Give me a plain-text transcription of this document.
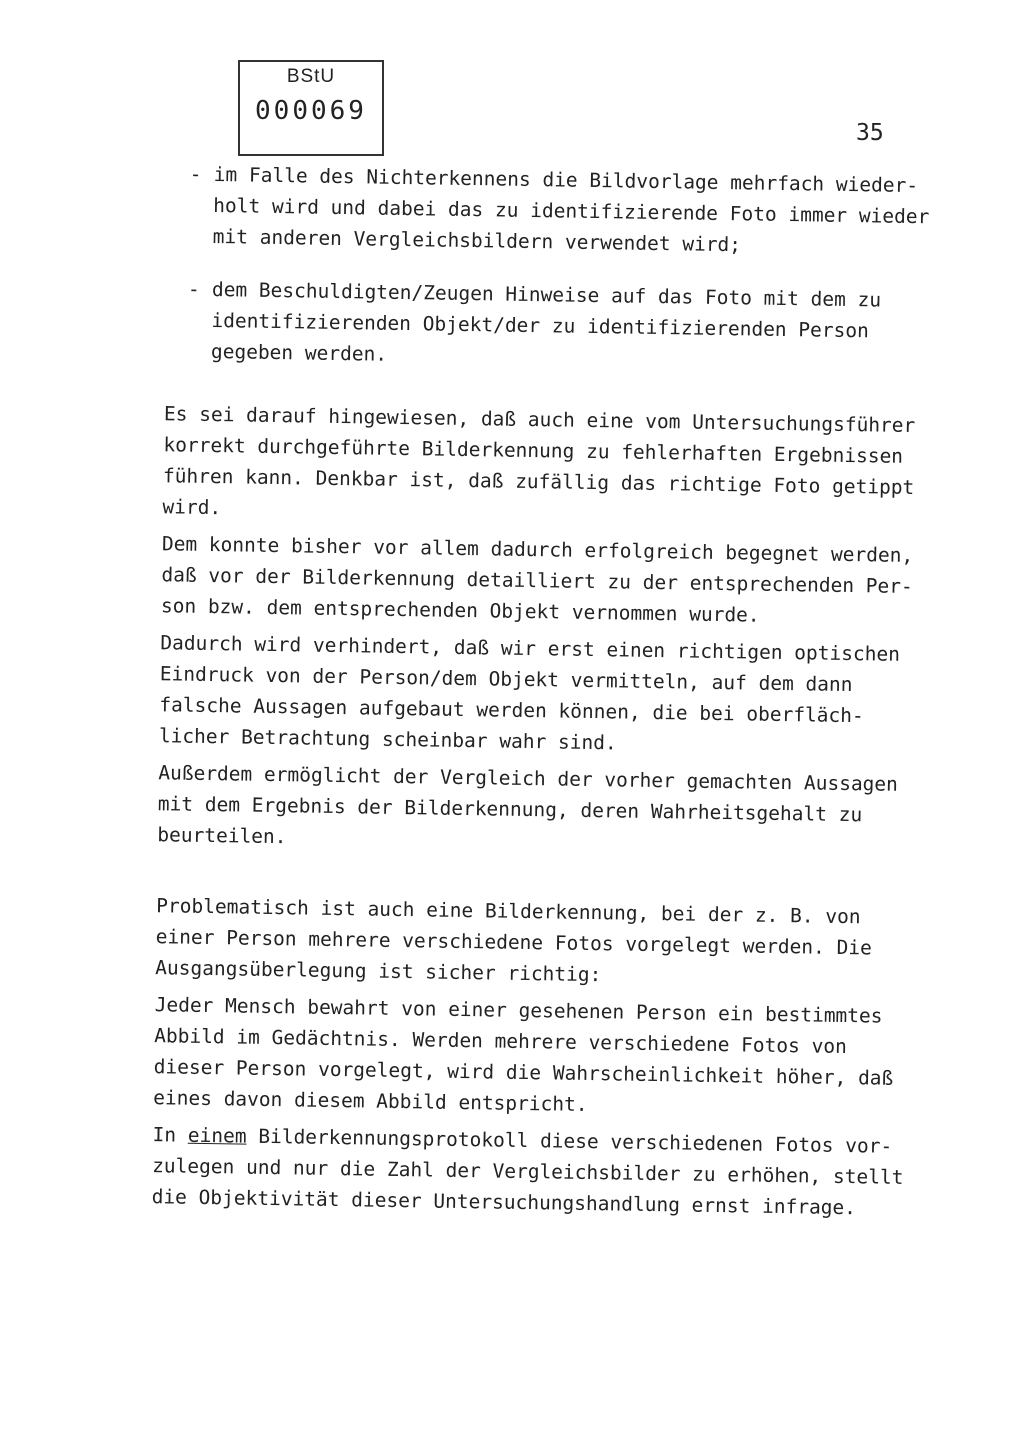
BStU
000069
35
- im Falle des Nichterkennens die Bildvorlage mehrfach wieder-
holt wird und dabei das zu identifizierende Foto immer wieder
mit anderen Vergleichsbildern verwendet wird;
- dem Beschuldigten/Zeugen Hinweise auf das Foto mit dem zu
identifizierenden Objekt/der zu identifizierenden Person
gegeben werden.
Es sei darauf hingewiesen, daß auch eine vom Untersuchungsführer
korrekt durchgeführte Bilderkennung zu fehlerhaften Ergebnissen
führen kann. Denkbar ist, daß zufällig das richtige Foto getippt
wird.
Dem konnte bisher vor allem dadurch erfolgreich begegnet werden,
daß vor der Bilderkennung detailliert zu der entsprechenden Per-
son bzw. dem entsprechenden Objekt vernommen wurde.
Dadurch wird verhindert, daß wir erst einen richtigen optischen
Eindruck von der Person/dem Objekt vermitteln, auf dem dann
falsche Aussagen aufgebaut werden können, die bei oberfläch-
licher Betrachtung scheinbar wahr sind.
Außerdem ermöglicht der Vergleich der vorher gemachten Aussagen
mit dem Ergebnis der Bilderkennung, deren Wahrheitsgehalt zu
beurteilen.
Problematisch ist auch eine Bilderkennung, bei der z. B. von
einer Person mehrere verschiedene Fotos vorgelegt werden. Die
Ausgangsüberlegung ist sicher richtig:
Jeder Mensch bewahrt von einer gesehenen Person ein bestimmtes
Abbild im Gedächtnis. Werden mehrere verschiedene Fotos von
dieser Person vorgelegt, wird die Wahrscheinlichkeit höher, daß
eines davon diesem Abbild entspricht.
In einem Bilderkennungsprotokoll diese verschiedenen Fotos vor-
zulegen und nur die Zahl der Vergleichsbilder zu erhöhen, stellt
die Objektivität dieser Untersuchungshandlung ernst infrage.
